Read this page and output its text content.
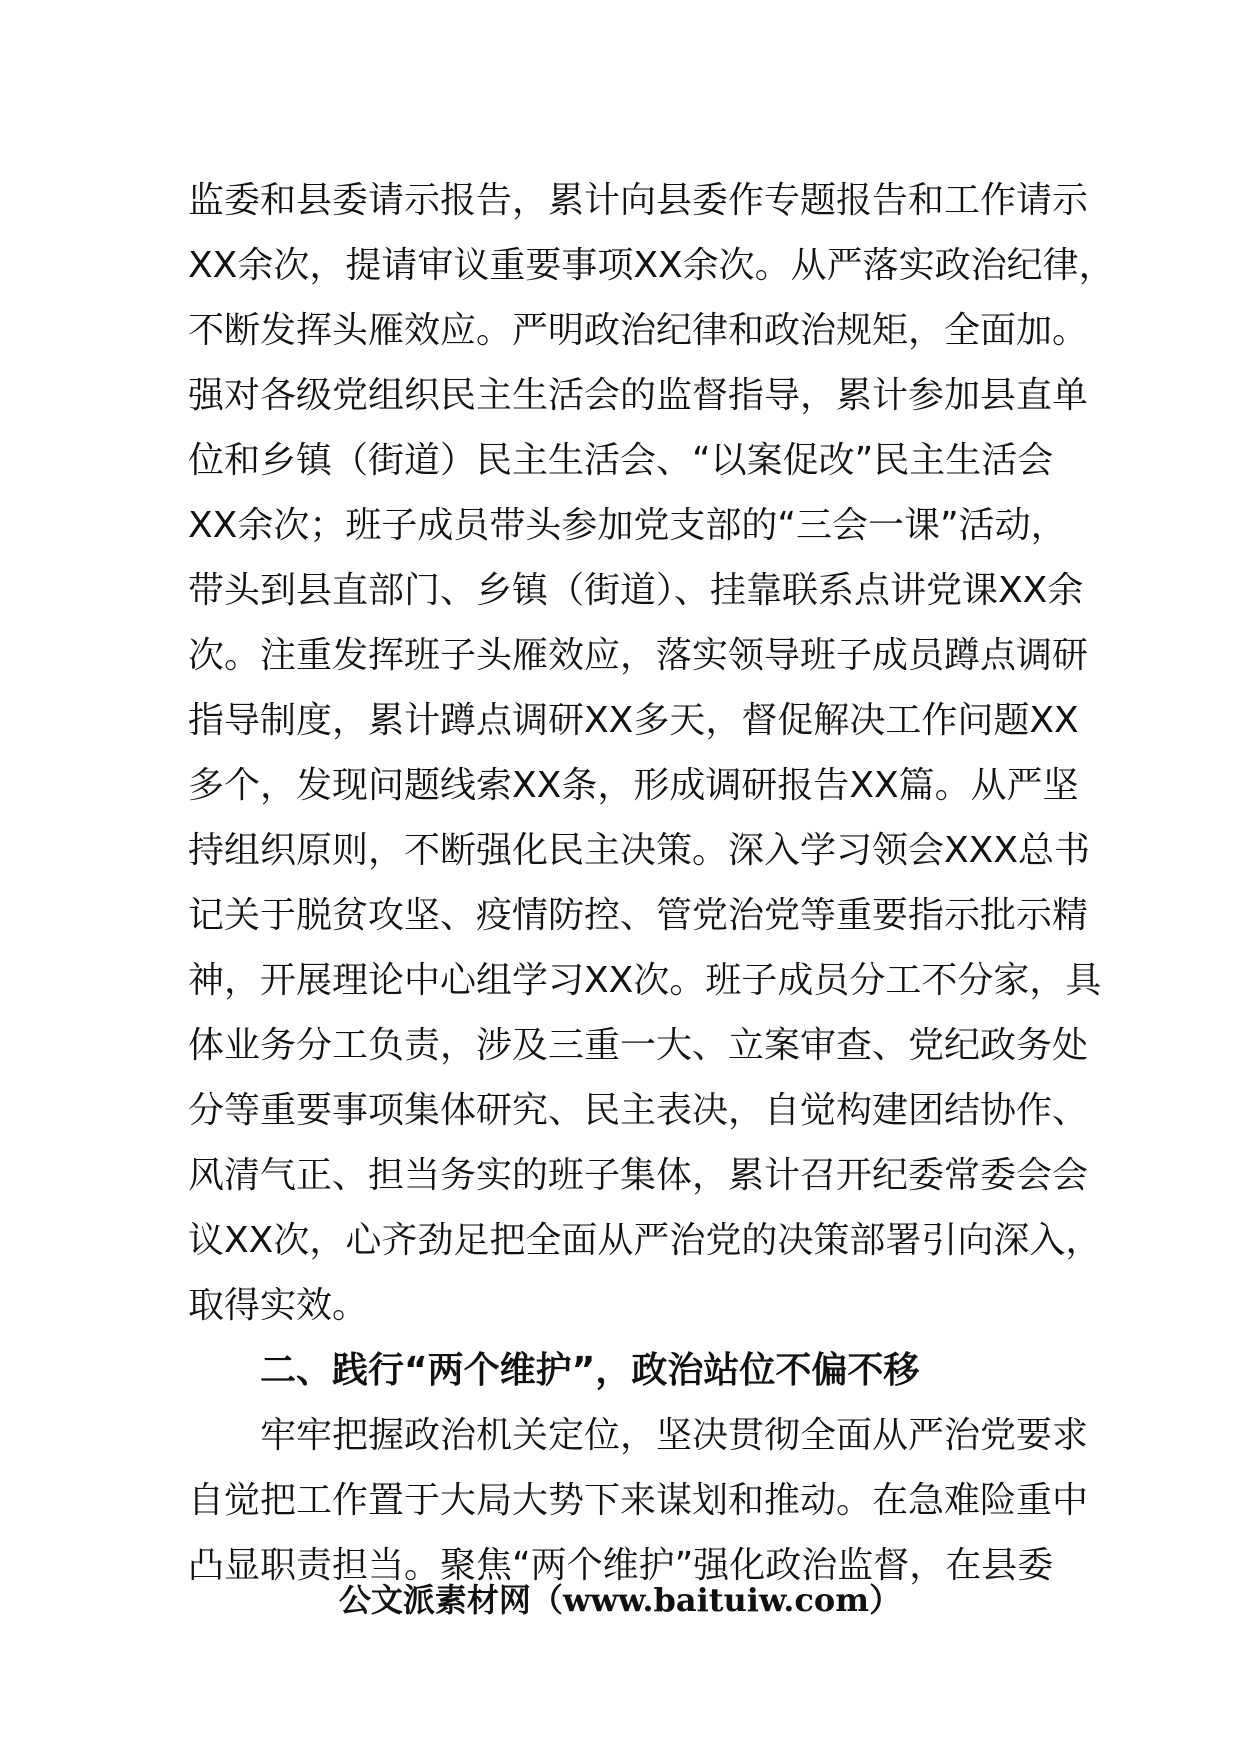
监委和县委请示报告，累计向县委作专题报告和工作请示
XX余次，提请审议重要事项XX余次。从严落实政治纪律，
不断发挥头雁效应。严明政治纪律和政治规矩，全面加。
强对各级党组织民主生活会的监督指导，累计参加县直单
位和乡镇（街道）民主生活会、“以案促改”民主生活会
XX余次；班子成员带头参加党支部的“三会一课”活动，
带头到县直部门、乡镇（街道）、挂靠联系点讲党课XX余
次。注重发挥班子头雁效应，落实领导班子成员蹲点调研
指导制度，累计蹲点调研XX多天，督促解决工作问题XX
多个，发现问题线索XX条，形成调研报告XX篇。从严坚
持组织原则，不断强化民主决策。深入学习领会XXX总书
记关于脱贫攻坚、疫情防控、管党治党等重要指示批示精
神，开展理论中心组学习XX次。班子成员分工不分家，具
体业务分工负责，涉及三重一大、立案审查、党纪政务处
分等重要事项集体研究、民主表决，自觉构建团结协作、
风清气正、担当务实的班子集体，累计召开纪委常委会会
议XX次，心齐劲足把全面从严治党的决策部署引向深入，
取得实效。
二、践行“两个维护”，政治站位不偏不移
牢牢把握政治机关定位，坚决贯彻全面从严治党要求
自觉把工作置于大局大势下来谋划和推动。在急难险重中
凸显职责担当。聚焦“两个维护”强化政治监督，在县委
公文派素材网（www.baituiw.com）
